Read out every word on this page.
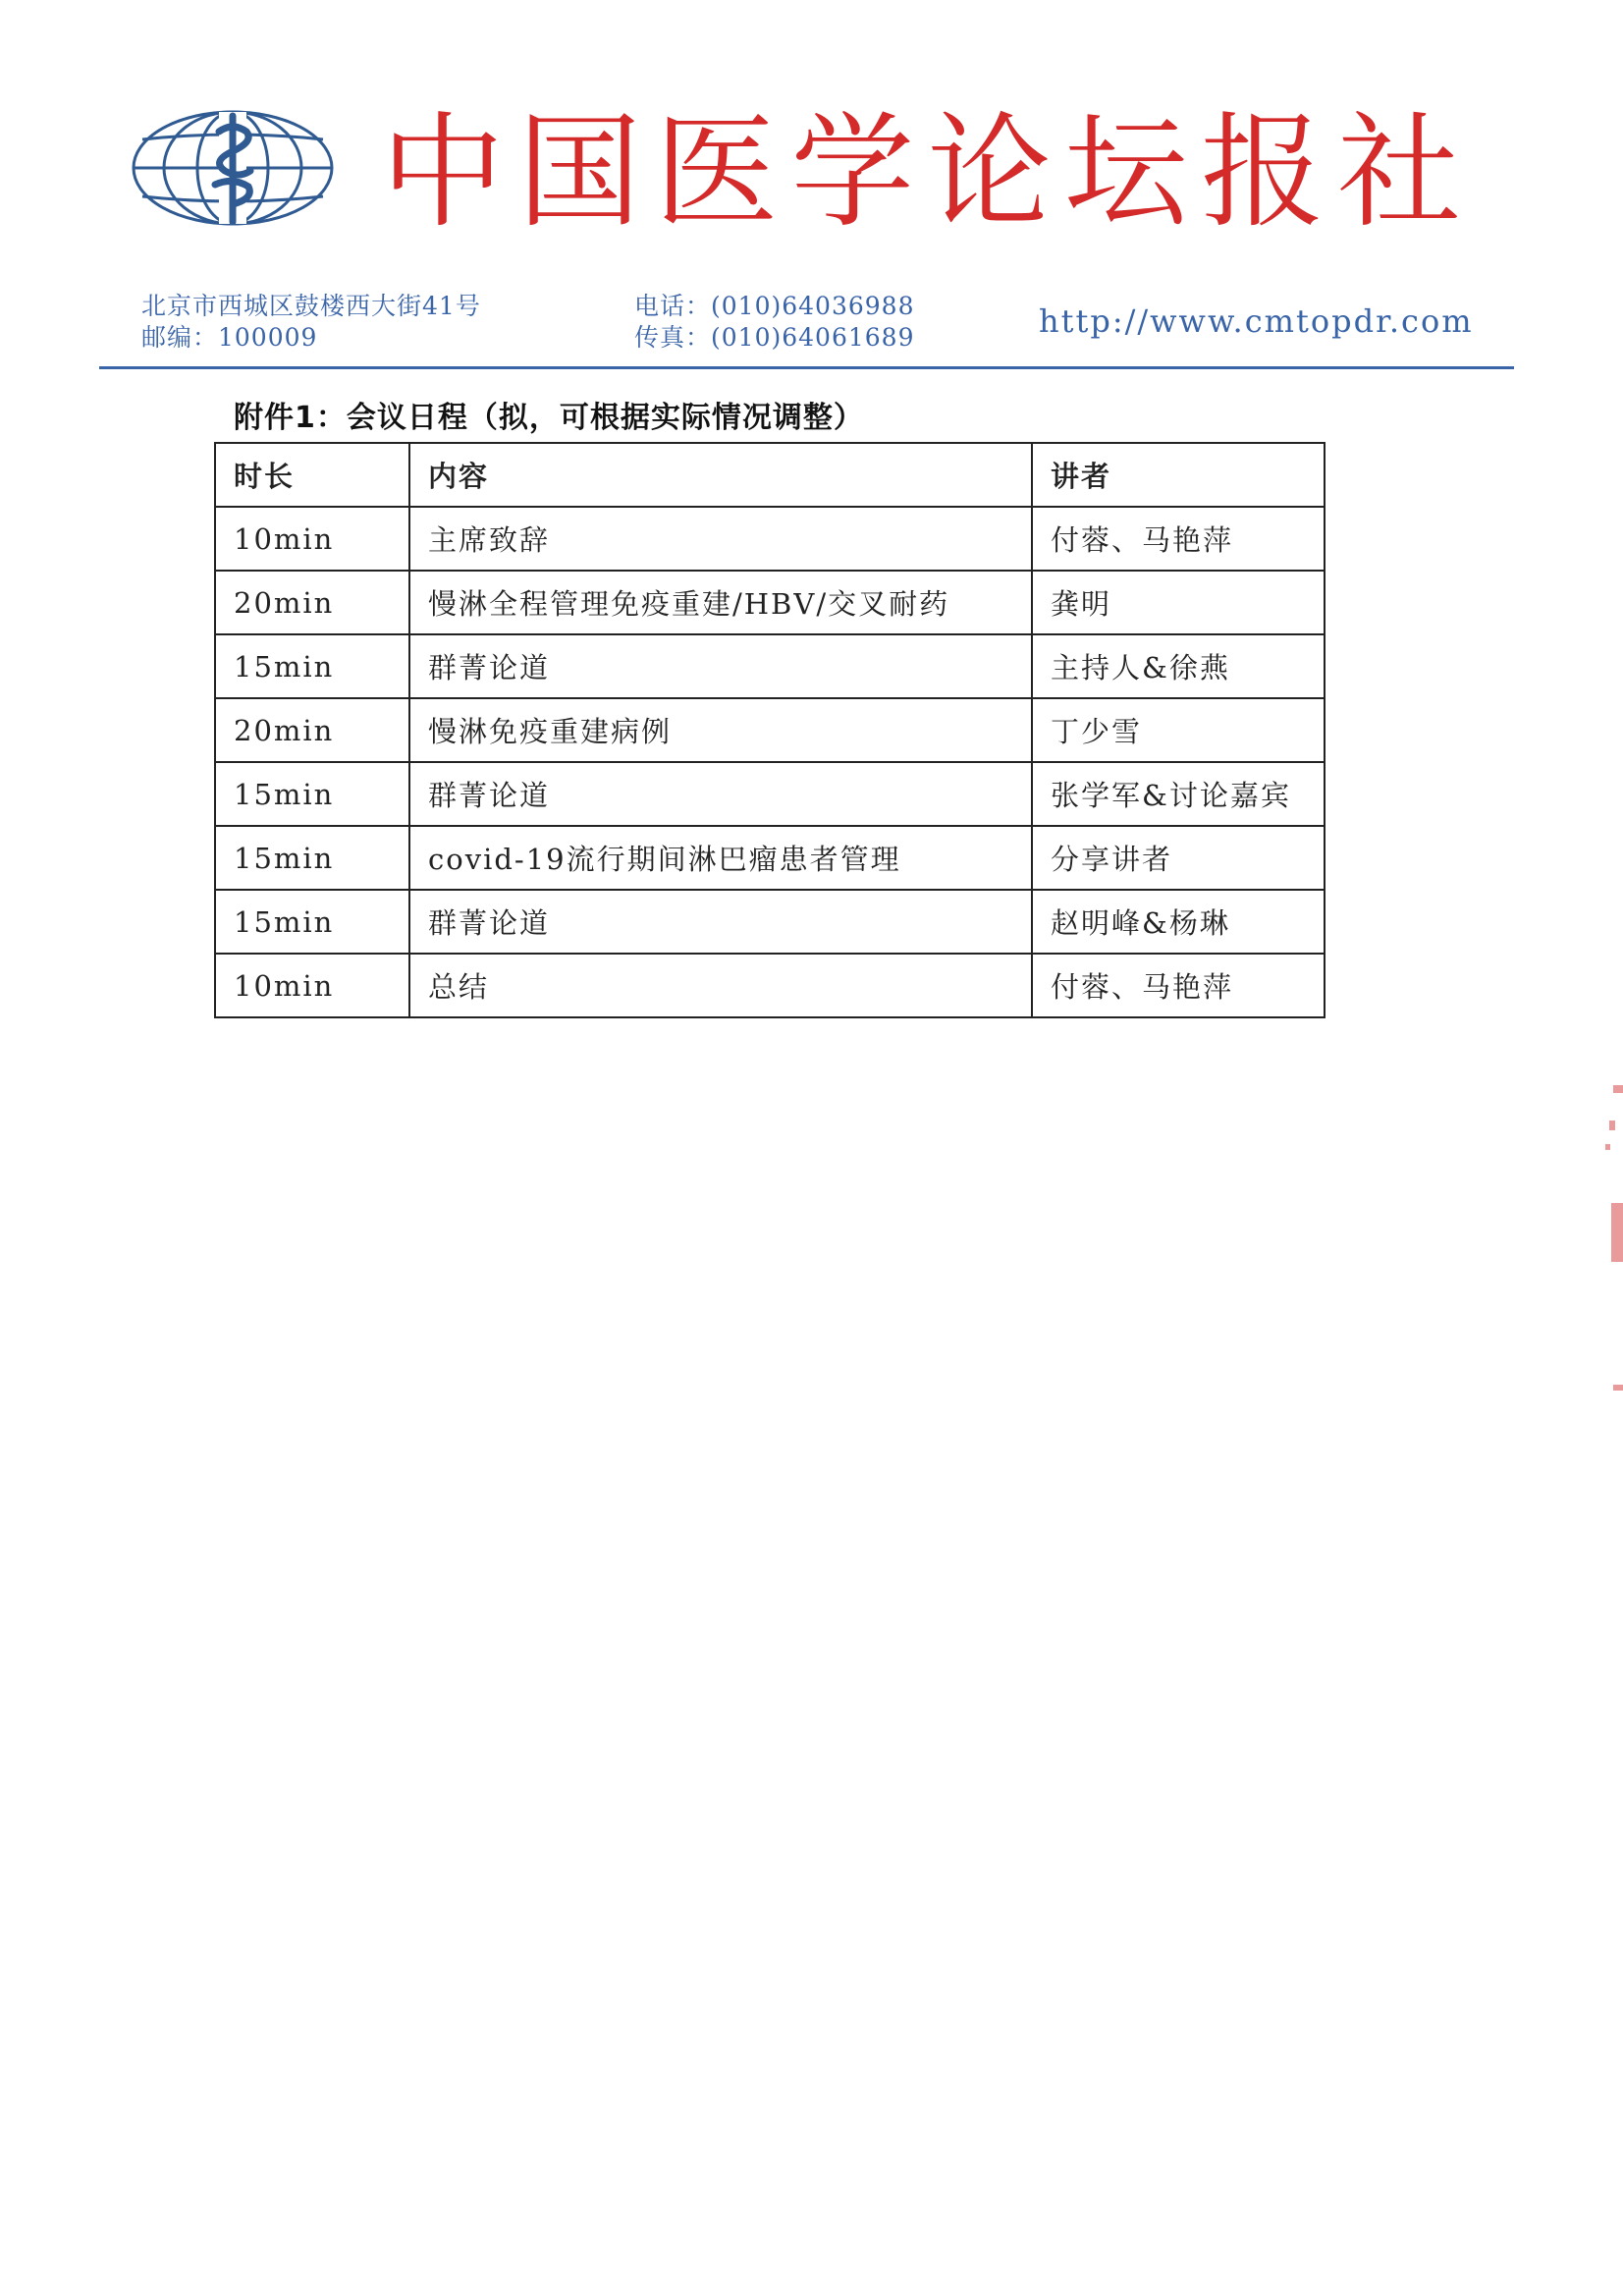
中 国 医 学 论 坛 报 社
北京市西城区鼓楼西大街41号
邮编：100009
电话：(010)64036988
传真：(010)64061689	http://www.cmtopdr.com
附件1：会议日程（拟，可根据实际情况调整）
时长	内容	讲者
10min	主席致辞	付蓉、马艳萍
20min	慢淋全程管理免疫重建/HBV/交叉耐药	龚明
15min	群菁论道	主持人&徐燕
20min	慢淋免疫重建病例	丁少雪
15min	群菁论道	张学军&讨论嘉宾
15min	covid-19流行期间淋巴瘤患者管理	分享讲者
15min	群菁论道	赵明峰&杨琳
10min	总结	付蓉、马艳萍
